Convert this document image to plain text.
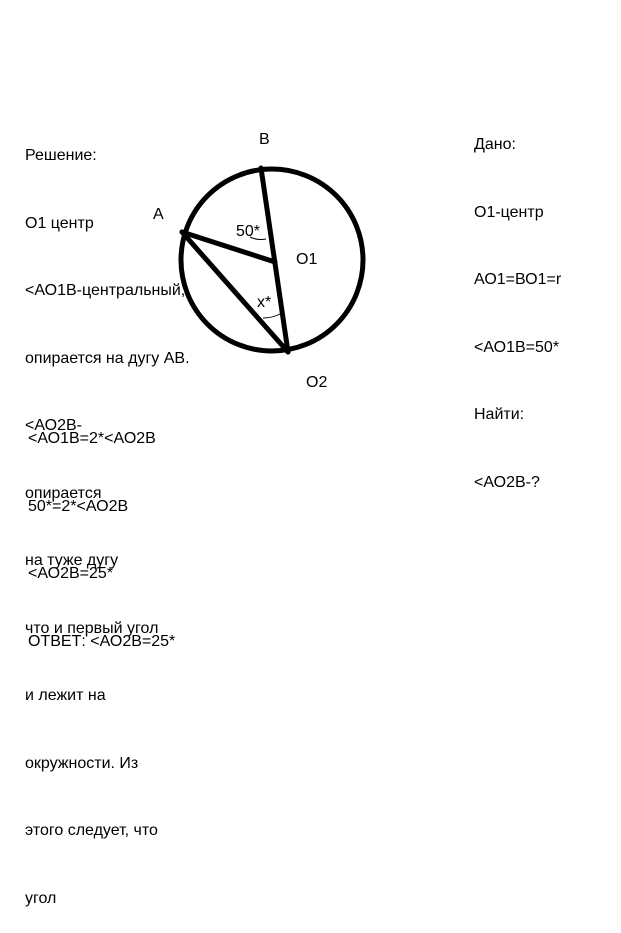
Решение:

О1 центр

<АО1В-центральный,

опирается на дугу АВ.

<АО2В-

опирается

на туже дугу

что и первый угол

и лежит на

окружности. Из

этого следует, что

угол

<АО1В=2*<АО2В

50*=2*<АО2В

<АО2В=25*

ОТВЕТ: <АО2В=25*

Дано:

О1-центр

АО1=ВО1=r

<АО1В=50*

Найти:

<АО2В-?

В
А
О1
О2
50*
х*
